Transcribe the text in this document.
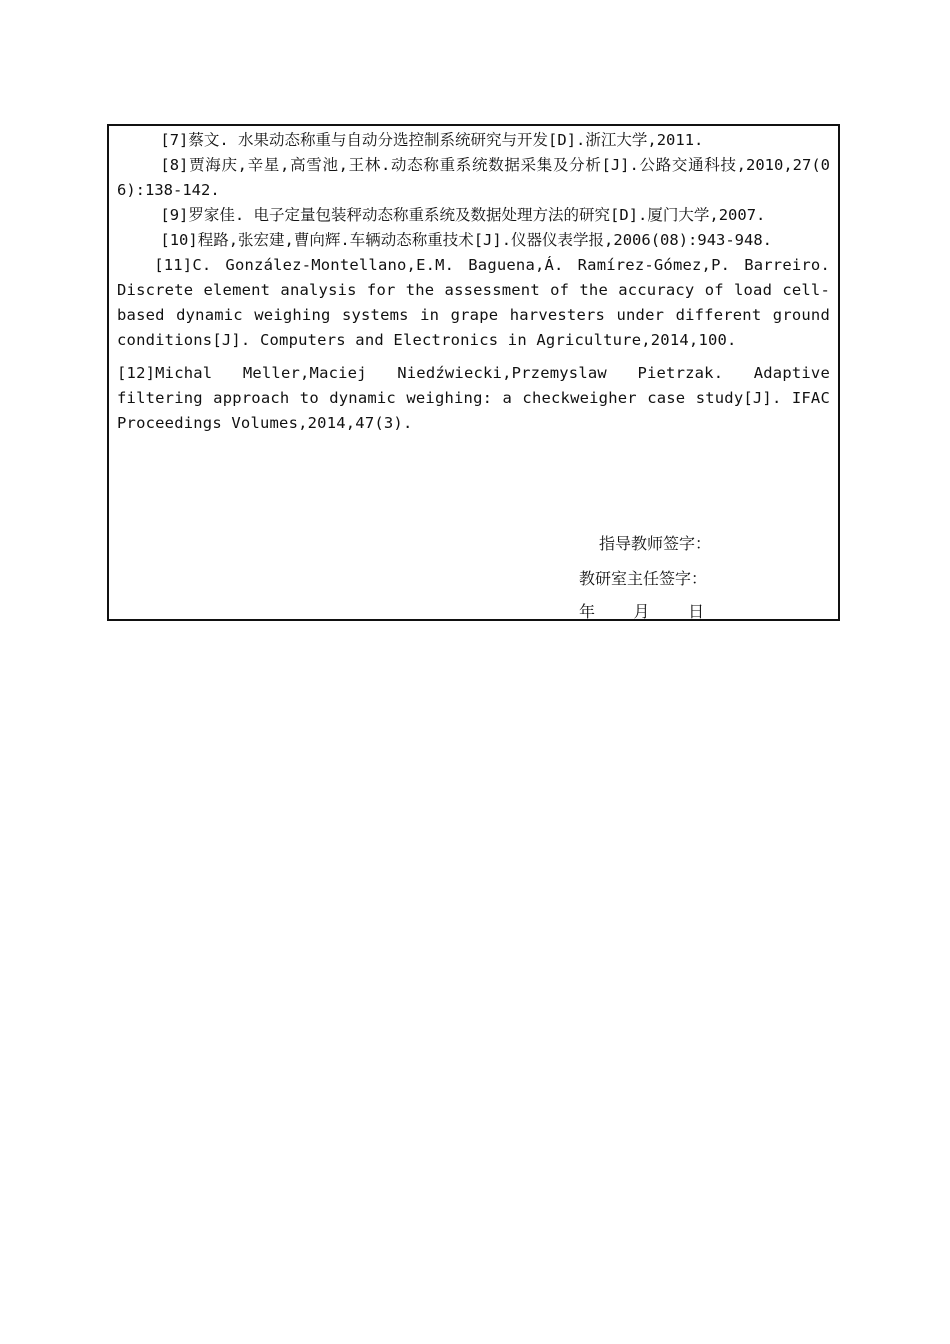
[7]蔡文. 水果动态称重与自动分选控制系统研究与开发[D].浙江大学,2011.

[8]贾海庆,辛星,高雪池,王林.动态称重系统数据采集及分析[J].公路交通科技,2010,27(06):138-142.

[9]罗家佳. 电子定量包装秤动态称重系统及数据处理方法的研究[D].厦门大学,2007.

[10]程路,张宏建,曹向辉.车辆动态称重技术[J].仪器仪表学报,2006(08):943-948.

[11]C. González-Montellano,E.M. Baguena,Á. Ramírez-Gómez,P. Barreiro. Discrete element analysis for the assessment of the accuracy of load cell-based dynamic weighing systems in grape harvesters under different ground conditions[J]. Computers and Electronics in Agriculture,2014,100.

[12]Michal Meller,Maciej Niedźwiecki,Przemyslaw Pietrzak. Adaptive filtering approach to dynamic weighing: a checkweigher case study[J]. IFAC Proceedings Volumes,2014,47(3).

指导教师签字：
教研室主任签字：
年    月    日
